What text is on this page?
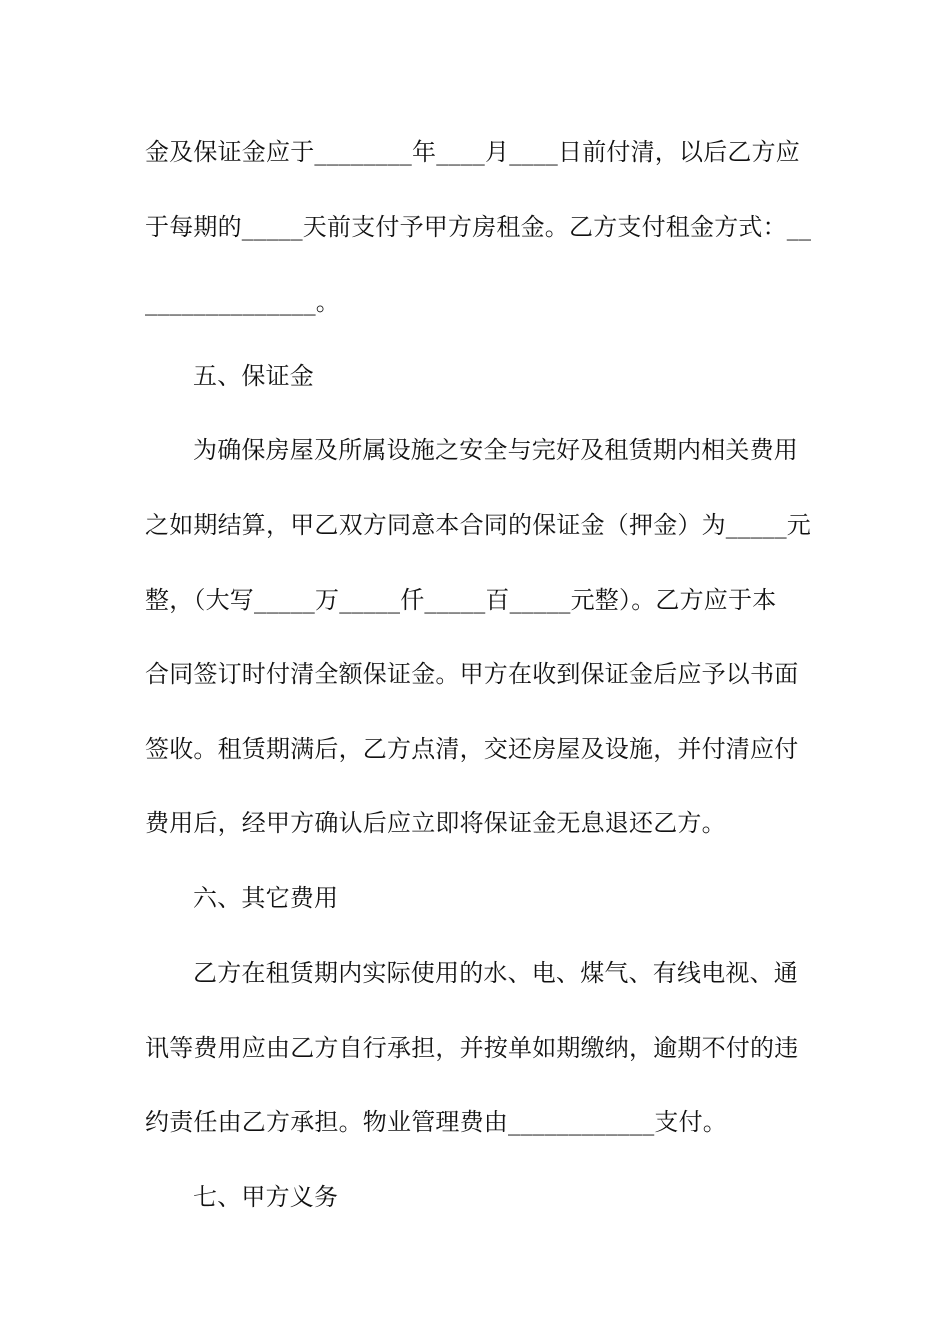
金及保证金应于________年____月____日前付清，以后乙方应
于每期的_____天前支付予甲方房租金。乙方支付租金方式：__
______________。
五、保证金
为确保房屋及所属设施之安全与完好及租赁期内相关费用
之如期结算，甲乙双方同意本合同的保证金（押金）为_____元
整，（大写_____万_____仟_____百_____元整）。乙方应于本
合同签订时付清全额保证金。甲方在收到保证金后应予以书面
签收。租赁期满后，乙方点清，交还房屋及设施，并付清应付
费用后，经甲方确认后应立即将保证金无息退还乙方。
六、其它费用
乙方在租赁期内实际使用的水、电、煤气、有线电视、通
讯等费用应由乙方自行承担，并按单如期缴纳，逾期不付的违
约责任由乙方承担。物业管理费由____________支付。
七、甲方义务
